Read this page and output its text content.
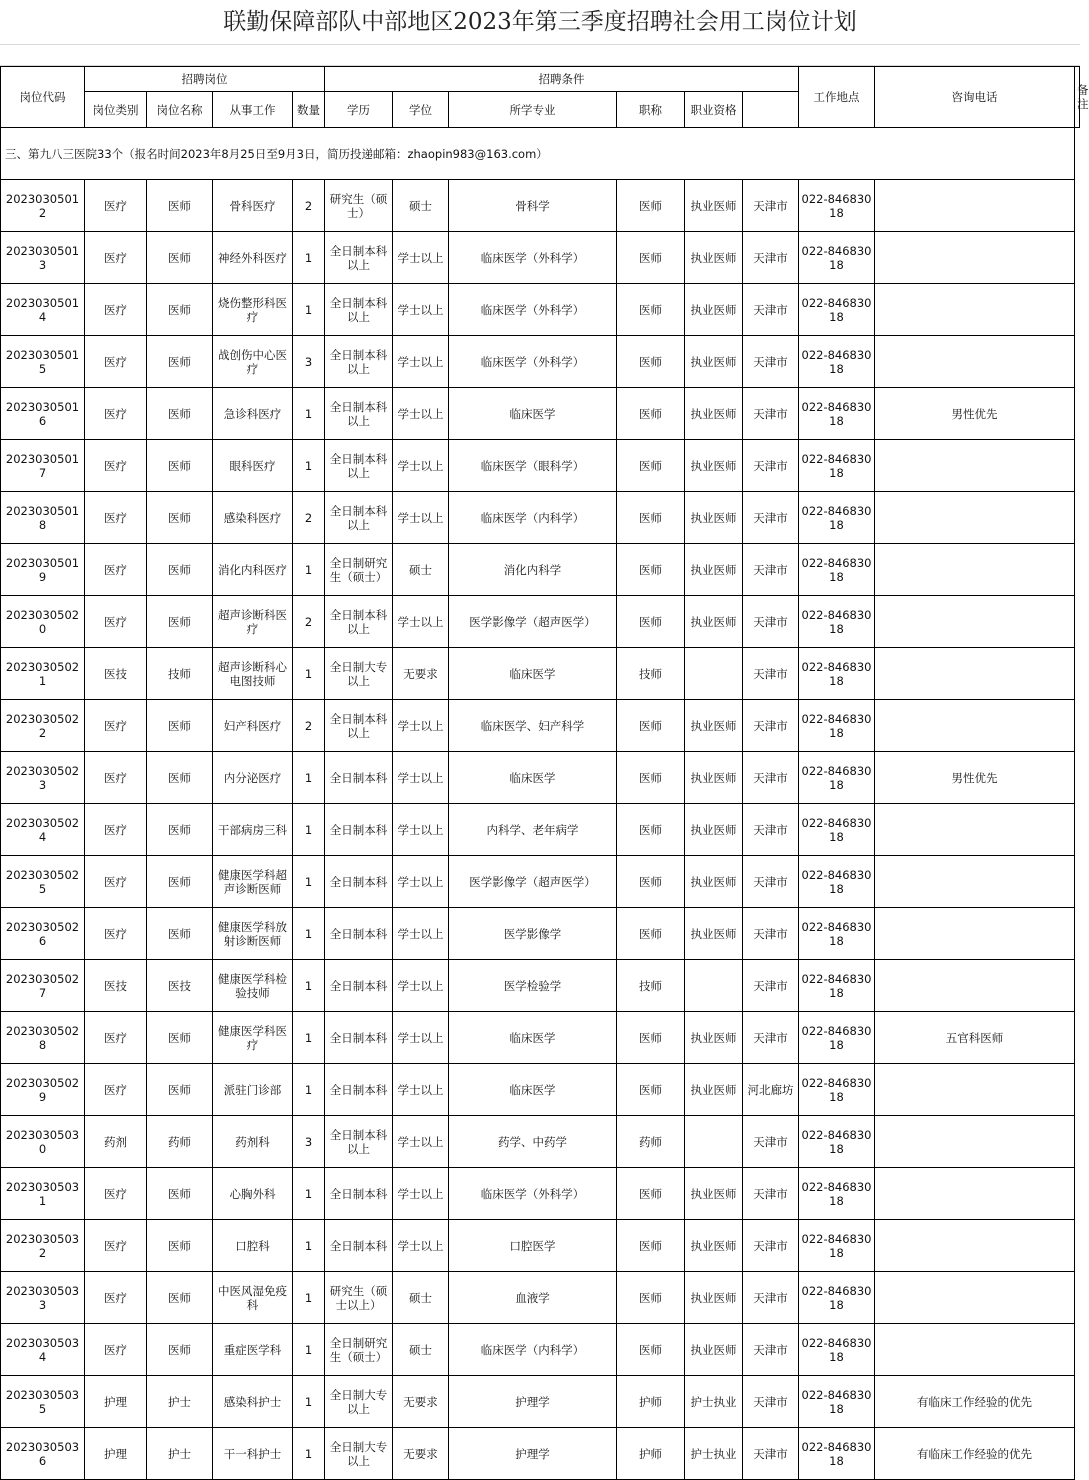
联勤保障部队中部地区2023年第三季度招聘社会用工岗位计划
岗位代码	招聘岗位				招聘条件						工作地点	咨询电话	备注
	岗位类别	岗位名称	从事工作	数量	学历	学位	所学专业	职称	职业资格				
三、第九八三医院33个（报名时间2023年8月25日至9月3日，简历投递邮箱：zhaopin983@163.com）													
20230305012	医疗	医师	骨科医疗	2	研究生（硕士）	硕士	骨科学	医师	执业医师	天津市	022-84683018		
20230305013	医疗	医师	神经外科医疗	1	全日制本科以上	学士以上	临床医学（外科学）	医师	执业医师	天津市	022-84683018		
20230305014	医疗	医师	烧伤整形科医疗	1	全日制本科以上	学士以上	临床医学（外科学）	医师	执业医师	天津市	022-84683018		
20230305015	医疗	医师	战创伤中心医疗	3	全日制本科以上	学士以上	临床医学（外科学）	医师	执业医师	天津市	022-84683018		
20230305016	医疗	医师	急诊科医疗	1	全日制本科以上	学士以上	临床医学	医师	执业医师	天津市	022-84683018	男性优先	
20230305017	医疗	医师	眼科医疗	1	全日制本科以上	学士以上	临床医学（眼科学）	医师	执业医师	天津市	022-84683018		
20230305018	医疗	医师	感染科医疗	2	全日制本科以上	学士以上	临床医学（内科学）	医师	执业医师	天津市	022-84683018		
20230305019	医疗	医师	消化内科医疗	1	全日制研究生（硕士）	硕士	消化内科学	医师	执业医师	天津市	022-84683018		
20230305020	医疗	医师	超声诊断科医疗	2	全日制本科以上	学士以上	医学影像学（超声医学）	医师	执业医师	天津市	022-84683018		
20230305021	医技	技师	超声诊断科心电图技师	1	全日制大专以上	无要求	临床医学	技师		天津市	022-84683018		
20230305022	医疗	医师	妇产科医疗	2	全日制本科以上	学士以上	临床医学、妇产科学	医师	执业医师	天津市	022-84683018		
20230305023	医疗	医师	内分泌医疗	1	全日制本科	学士以上	临床医学	医师	执业医师	天津市	022-84683018	男性优先	
20230305024	医疗	医师	干部病房三科	1	全日制本科	学士以上	内科学、老年病学	医师	执业医师	天津市	022-84683018		
20230305025	医疗	医师	健康医学科超声诊断医师	1	全日制本科	学士以上	医学影像学（超声医学）	医师	执业医师	天津市	022-84683018		
20230305026	医疗	医师	健康医学科放射诊断医师	1	全日制本科	学士以上	医学影像学	医师	执业医师	天津市	022-84683018		
20230305027	医技	医技	健康医学科检验技师	1	全日制本科	学士以上	医学检验学	技师		天津市	022-84683018		
20230305028	医疗	医师	健康医学科医疗	1	全日制本科	学士以上	临床医学	医师	执业医师	天津市	022-84683018	五官科医师	
20230305029	医疗	医师	派驻门诊部	1	全日制本科	学士以上	临床医学	医师	执业医师	河北廊坊	022-84683018		
20230305030	药剂	药师	药剂科	3	全日制本科以上	学士以上	药学、中药学	药师		天津市	022-84683018		
20230305031	医疗	医师	心胸外科	1	全日制本科	学士以上	临床医学（外科学）	医师	执业医师	天津市	022-84683018		
20230305032	医疗	医师	口腔科	1	全日制本科	学士以上	口腔医学	医师	执业医师	天津市	022-84683018		
20230305033	医疗	医师	中医风湿免疫科	1	研究生（硕士以上）	硕士	血液学	医师	执业医师	天津市	022-84683018		
20230305034	医疗	医师	重症医学科	1	全日制研究生（硕士）	硕士	临床医学（内科学）	医师	执业医师	天津市	022-84683018		
20230305035	护理	护士	感染科护士	1	全日制大专以上	无要求	护理学	护师	护士执业	天津市	022-84683018	有临床工作经验的优先	
20230305036	护理	护士	干一科护士	1	全日制大专以上	无要求	护理学	护师	护士执业	天津市	022-84683018	有临床工作经验的优先	
